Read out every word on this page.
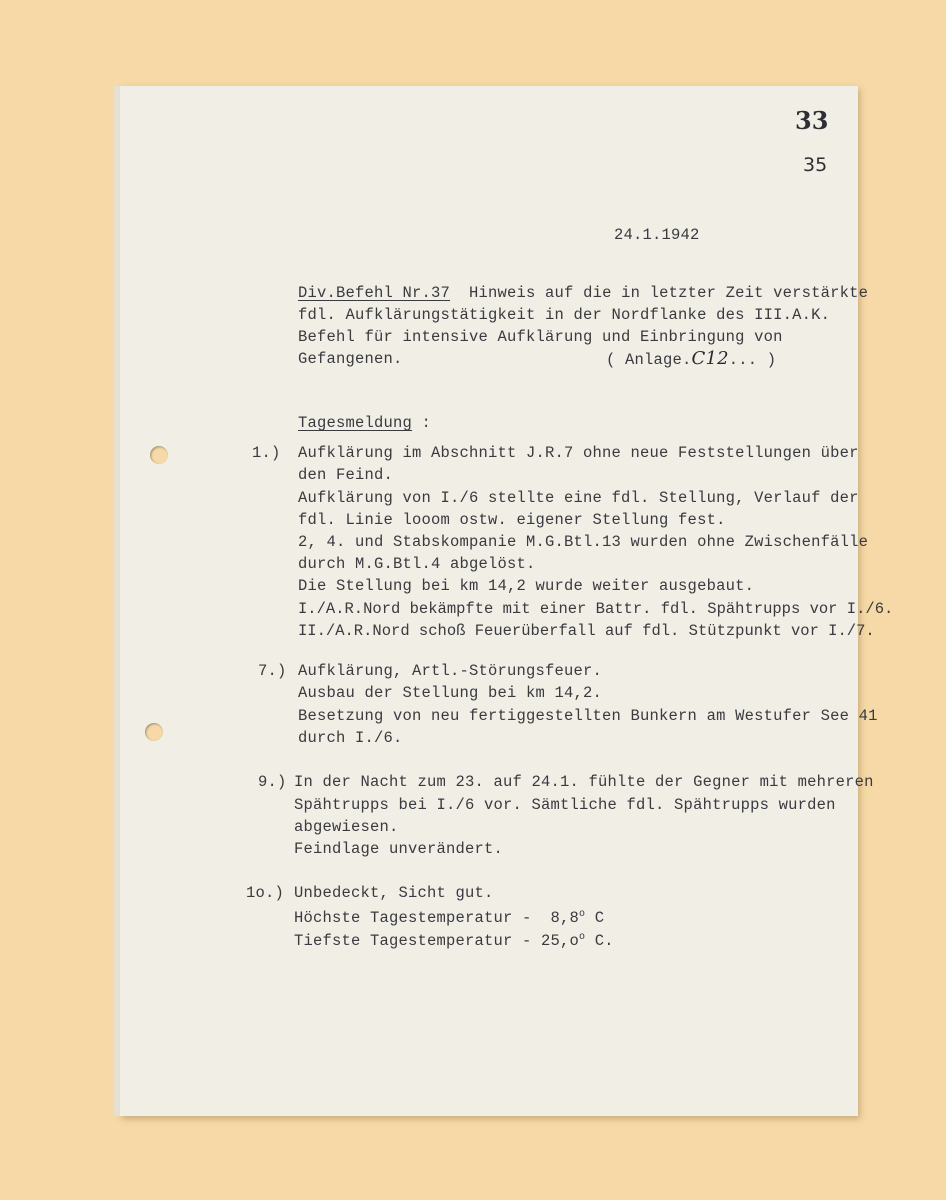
33
35
24.1.1942
Div.Befehl Nr.37 Hinweis auf die in letzter Zeit verstärkte
fdl. Aufklärungstätigkeit in der Nordflanke des III.A.K.
Befehl für intensive Aufklärung und Einbringung von
Gefangenen.	( Anlage.C12... )
Tagesmeldung :
1.) Aufklärung im Abschnitt J.R.7 ohne neue Feststellungen über
den Feind.
Aufklärung von I./6 stellte eine fdl. Stellung, Verlauf der
fdl. Linie looom ostw. eigener Stellung fest.
2, 4. und Stabskompanie M.G.Btl.13 wurden ohne Zwischenfälle
durch M.G.Btl.4 abgelöst.
Die Stellung bei km 14,2 wurde weiter ausgebaut.
I./A.R.Nord bekämpfte mit einer Battr. fdl. Spähtrupps vor I./6.
II./A.R.Nord schoß Feuerüberfall auf fdl. Stützpunkt vor I./7.
7.) Aufklärung, Artl.-Störungsfeuer.
Ausbau der Stellung bei km 14,2.
Besetzung von neu fertiggestellten Bunkern am Westufer See 41
durch I./6.
9.) In der Nacht zum 23. auf 24.1. fühlte der Gegner mit mehreren
Spähtrupps bei I./6 vor. Sämtliche fdl. Spähtrupps wurden
abgewiesen.
Feindlage unverändert.
1o.) Unbedeckt, Sicht gut.
Höchste Tagestemperatur -  8,8$^o$ C
Tiefste Tagestemperatur - $25,o^o$ C.
